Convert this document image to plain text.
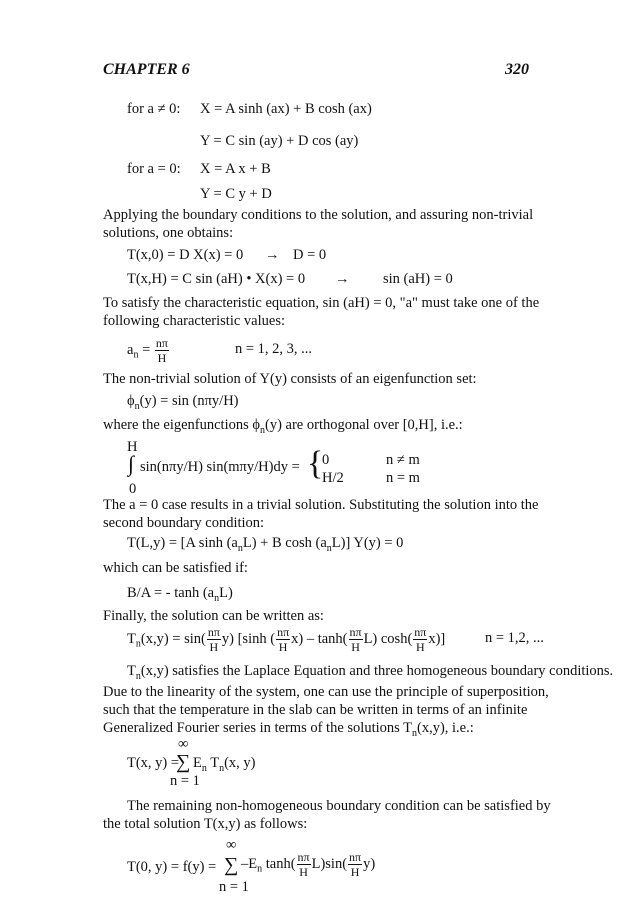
CHAPTER 6	320
for a ≠ 0: X = A sinh (ax) + B cosh (ax)
Y = C sin (ay) + D cos (ay)
for a = 0: X = A x + B
Y = C y + D
Applying the boundary conditions to the solution, and assuring non-trivial solutions, one obtains:
T(x,0) = D X(x) = 0 → D = 0
T(x,H) = C sin (aH) • X(x) = 0 → sin (aH) = 0
To satisfy the characteristic equation, sin (aH) = 0, "a" must take one of the following characteristic values:
$a_n = \frac{n\pi}{H}$	n = 1, 2, 3, ...
The non-trivial solution of Y(y) consists of an eigenfunction set:
$\phi_n(y) = \sin (n\pi y/H)$
where the eigenfunctions $\phi_n(y)$ are orthogonal over [0,H], i.e.:
H
∫
0
sin(nπy/H) sin(mπy/H)dy = {
0	n ≠ m
H/2	n = m
The a = 0 case results in a trivial solution. Substituting the solution into the second boundary condition:
T(L,y) = [A $\sinh (a_nL) + B$ $\cosh (a_nL)$] Y(y) = 0
which can be satisfied if:
B/A = - $\tanh (a_nL)$
Finally, the solution can be written as:
$T_n(x,y) = \sin( \frac{n\pi}{H} y)$ [sinh ( $\frac{n\pi}{H} x) - \tanh( \frac{n\pi}{H} L)$ $\cosh( \frac{n\pi}{H} x)$]	n = 1,2, ...
$T_n(x,y)$ satisfies the Laplace Equation and three homogeneous boundary conditions.
Due to the linearity of the system, one can use the principle of superposition, such that the temperature in the slab can be written in terms of an infinite Generalized Fourier series in terms of the solutions $T_n(x,y)$, i.e.:
∞
T(x, y) =
∑ $E_n$ $T_n(x$, y)
n = 1
The remaining non-homogeneous boundary condition can be satisfied by the total solution T(x,y) as follows:
∞
T(0, y) = f(y) = ∑ $-E_n$ $\tanh( \frac{n\pi}{H} L)\sin( \frac{n\pi}{H} y)$
n = 1
